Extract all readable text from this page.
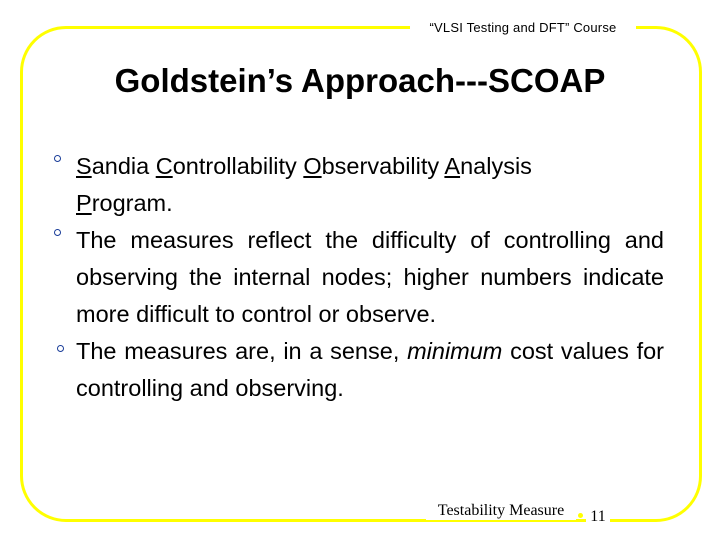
“VLSI Testing and DFT” Course
Goldstein’s Approach---SCOAP

Sandia Controllability Observability Analysis
Program.

The measures reflect the difficulty of controlling and observing the internal nodes; higher numbers indicate more difficult to control or observe.

The measures are, in a sense, minimum cost values for controlling and observing.

Testability Measure	11
